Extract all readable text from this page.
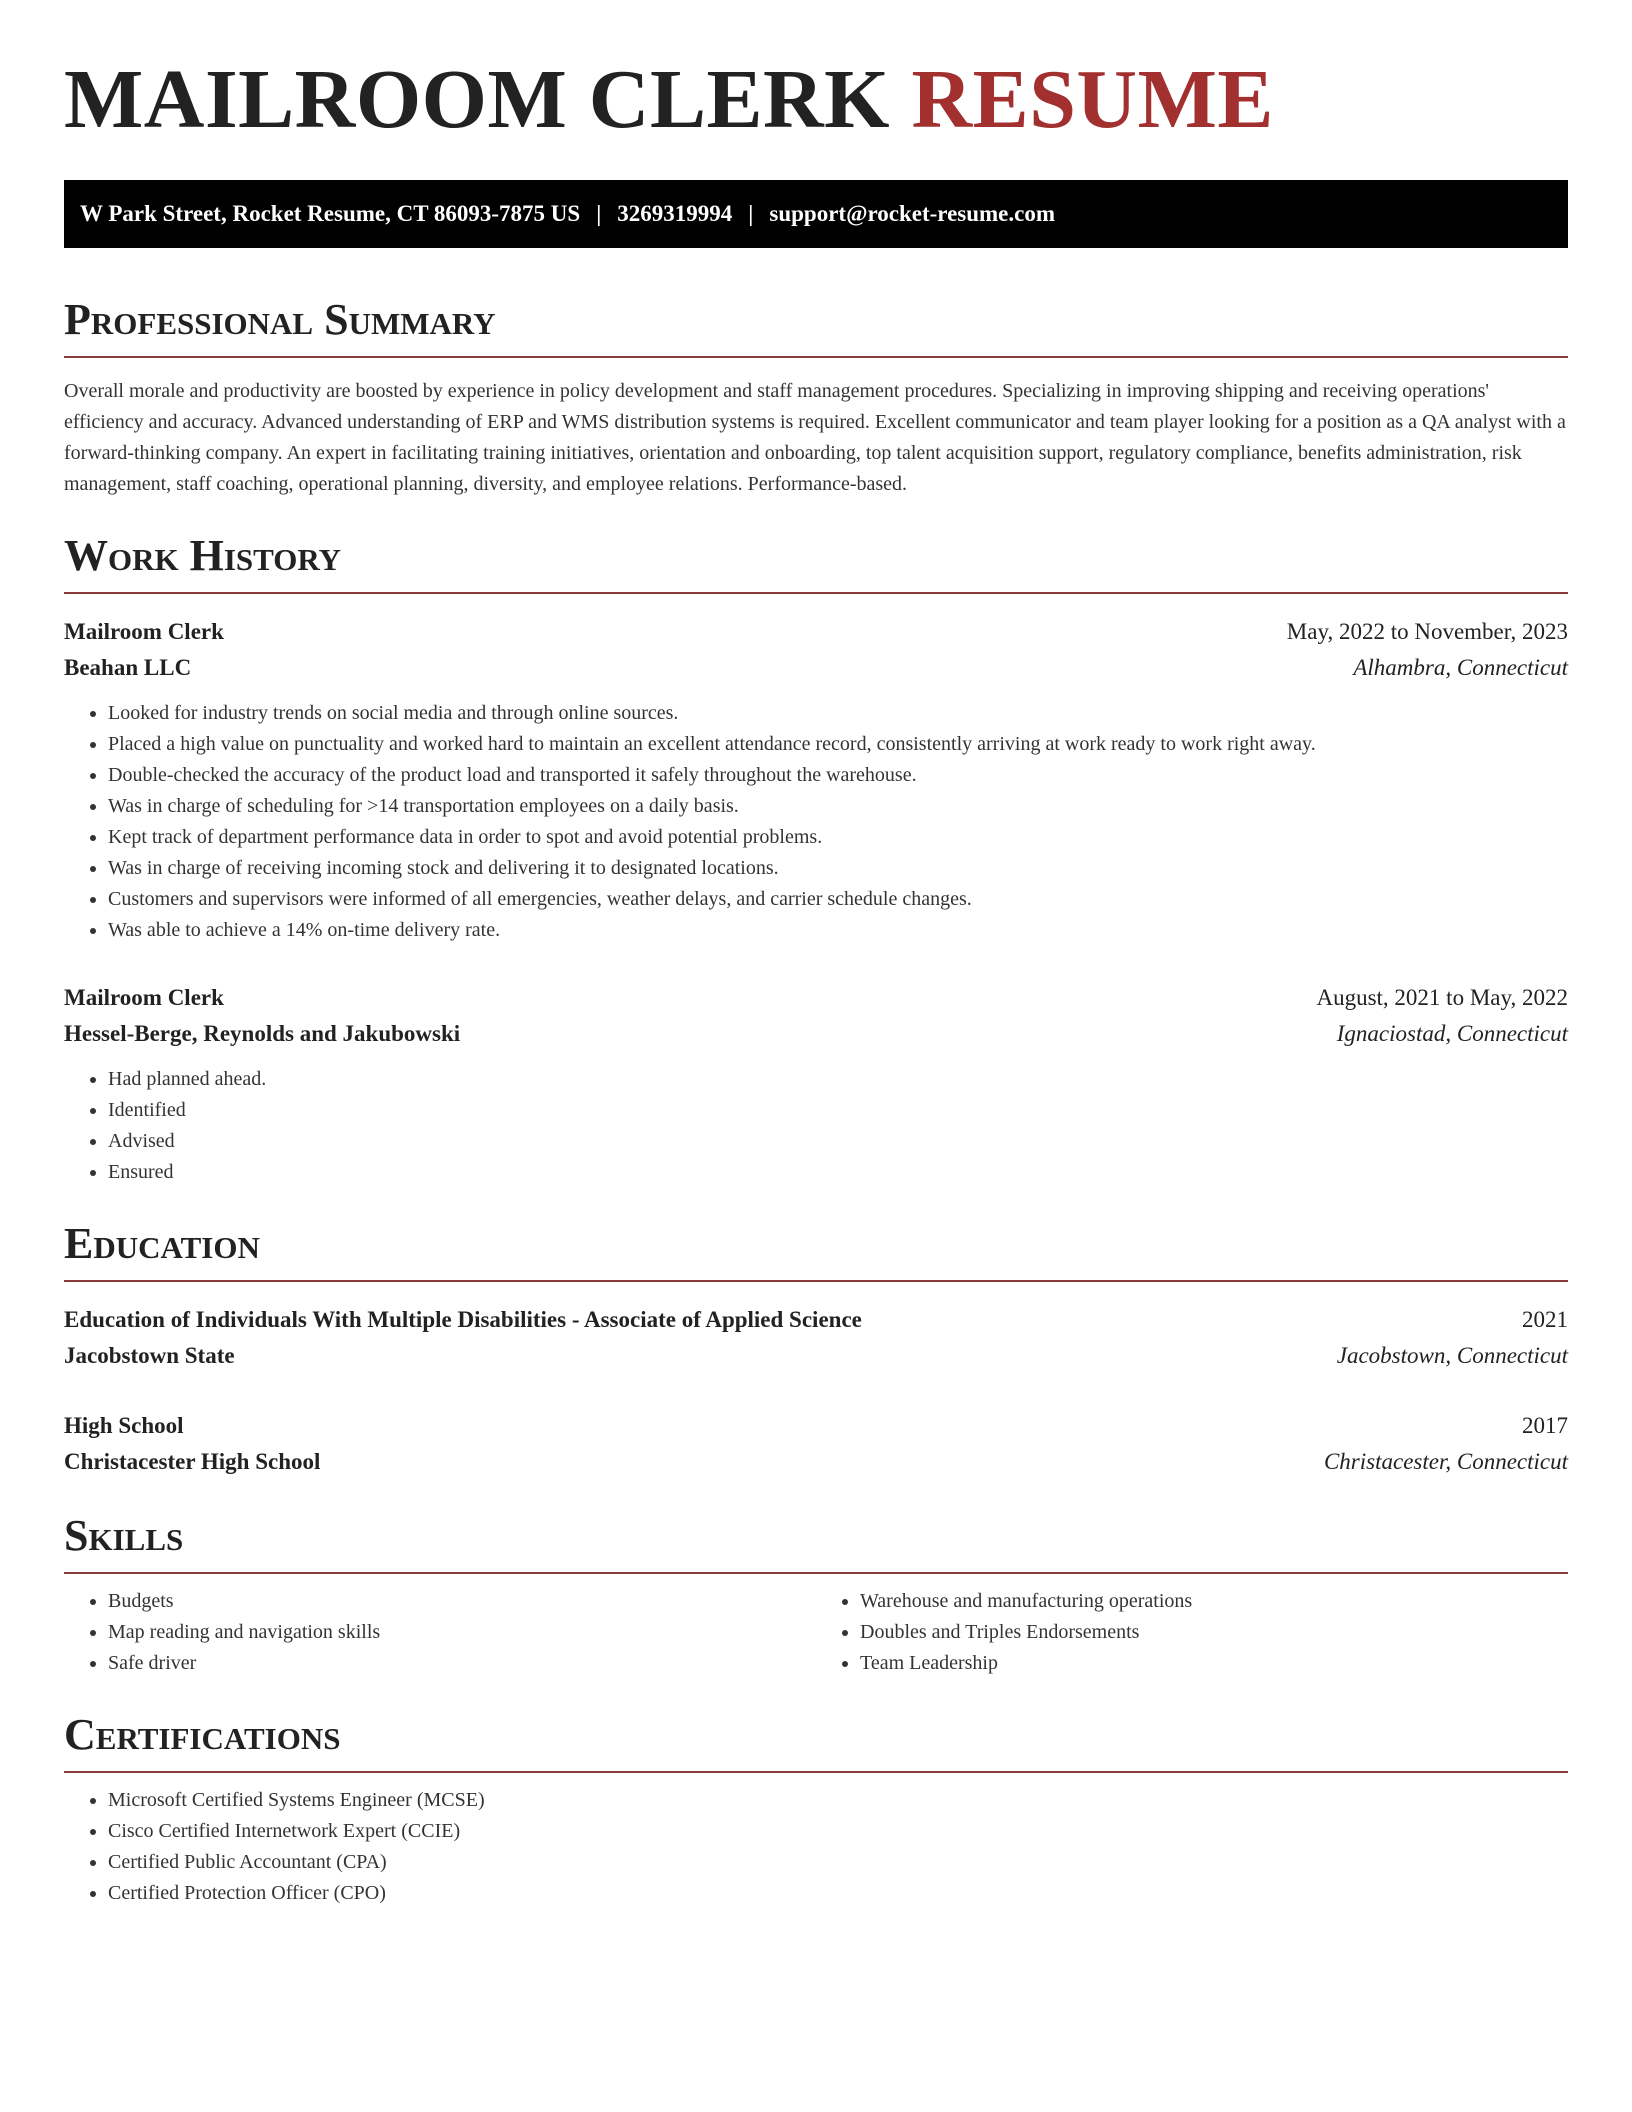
MAILROOM CLERK RESUME
W Park Street, Rocket Resume, CT 86093-7875 US | 3269319994 | support@rocket-resume.com
Professional Summary

Overall morale and productivity are boosted by experience in policy development and staff management procedures. Specializing in improving shipping and receiving operations' efficiency and accuracy. Advanced understanding of ERP and WMS distribution systems is required. Excellent communicator and team player looking for a position as a QA analyst with a forward-thinking company. An expert in facilitating training initiatives, orientation and onboarding, top talent acquisition support, regulatory compliance, benefits administration, risk management, staff coaching, operational planning, diversity, and employee relations. Performance-based.

Work History
Mailroom Clerk	May, 2022 to November, 2023
Beahan LLC	Alhambra, Connecticut
• Looked for industry trends on social media and through online sources.
• Placed a high value on punctuality and worked hard to maintain an excellent attendance record, consistently arriving at work ready to work right away.
• Double-checked the accuracy of the product load and transported it safely throughout the warehouse.
• Was in charge of scheduling for >14 transportation employees on a daily basis.
• Kept track of department performance data in order to spot and avoid potential problems.
• Was in charge of receiving incoming stock and delivering it to designated locations.
• Customers and supervisors were informed of all emergencies, weather delays, and carrier schedule changes.
• Was able to achieve a 14% on-time delivery rate.
Mailroom Clerk	August, 2021 to May, 2022
Hessel-Berge, Reynolds and Jakubowski	Ignaciostad, Connecticut
• Had planned ahead.
• Identified
• Advised
• Ensured
Education
Education of Individuals With Multiple Disabilities - Associate of Applied Science	2021
Jacobstown State	Jacobstown, Connecticut
High School	2017
Christacester High School	Christacester, Connecticut
Skills
• Budgets
• Map reading and navigation skills
• Safe driver
• Warehouse and manufacturing operations
• Doubles and Triples Endorsements
• Team Leadership
Certifications
• Microsoft Certified Systems Engineer (MCSE)
• Cisco Certified Internetwork Expert (CCIE)
• Certified Public Accountant (CPA)
• Certified Protection Officer (CPO)
